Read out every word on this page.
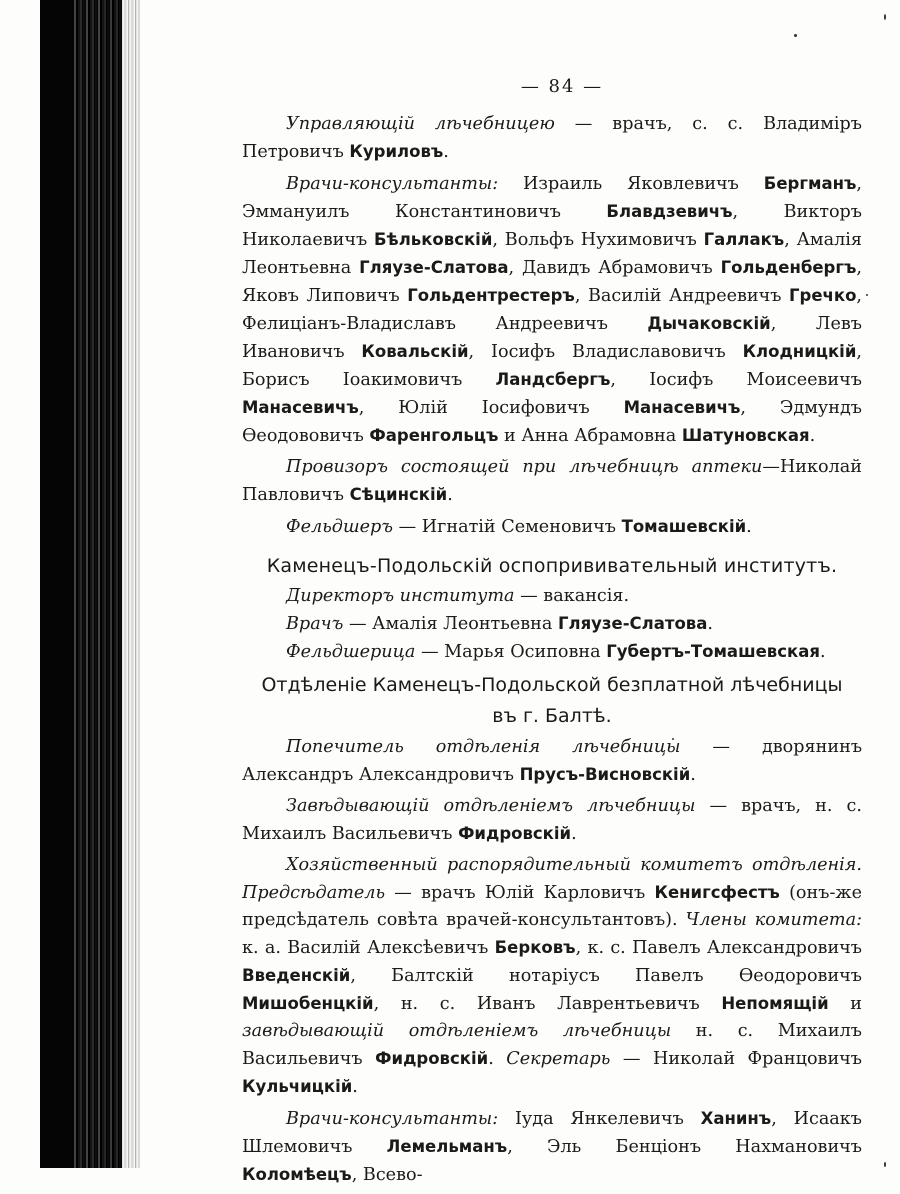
— 84 —

Управляющій лѣчебницею — врачъ, с. с. Владиміръ Петровичъ Куриловъ.

Врачи-консультанты: Израиль Яковлевичъ Бергманъ, Эммануилъ Константиновичъ Блавдзевичъ, Викторъ Николаевичъ Бѣльковскій, Вольфъ Нухимовичъ Галлакъ, Амалія Леонтьевна Гляузе-Слатова, Давидъ Абрамовичъ Гольденбергъ, Яковъ Липовичъ Гольдентрестеръ, Василій Андреевичъ Гречко, Фелиціанъ-Владиславъ Андреевичъ Дычаковскій, Левъ Ивановичъ Ковальскій, Іосифъ Владиславовичъ Клодницкій, Борисъ Іоакимовичъ Ландсбергъ, Іосифъ Моисеевичъ Манасевичъ, Юлій Іосифовичъ Манасевичъ, Эдмундъ Ѳеодововичъ Фаренгольцъ и Анна Абрамовна Шатуновская.

Провизоръ состоящей при лѣчебницѣ аптеки—Николай Павловичъ Сѣцинскій.

Фельдшеръ — Игнатій Семеновичъ Томашевскій.

Каменецъ-Подольскій оспопрививательный институтъ.

Директоръ института — вакансія.

Врачъ — Амалія Леонтьевна Гляузе-Слатова.

Фельдшерица — Марья Осиповна Губертъ-Томашевская.

Отдѣленіе Каменецъ-Подольской безплатной лѣчебницы
въ г. Балтѣ.

Попечитель отдѣленія лѣчебницы — дворянинъ Александръ Александровичъ Прусъ-Висновскій.

Завѣдывающій отдѣленіемъ лѣчебницы — врачъ, н. с. Михаилъ Васильевичъ Фидровскій.

Хозяйственный распорядительный комитетъ отдѣленія. Предсѣдатель — врачъ Юлій Карловичъ Кенигсфестъ (онъ-же предсѣдатель совѣта врачей-консультантовъ). Члены комитета: к. а. Василій Алексѣевичъ Берковъ, к. с. Павелъ Александровичъ Введенскій, Балтскій нотаріусъ Павелъ Ѳеодоровичъ Мишобенцкій, н. с. Иванъ Лаврентьевичъ Непомящій и завѣдывающій отдѣленіемъ лѣчебницы н. с. Михаилъ Васильевичъ Фидровскій. Секретарь — Николай Францовичъ Кульчицкій.

Врачи-консультанты: Іуда Янкелевичъ Ханинъ, Исаакъ Шлемовичъ Лемельманъ, Эль Бенціонъ Нахмановичъ Коломѣецъ, Всево-
